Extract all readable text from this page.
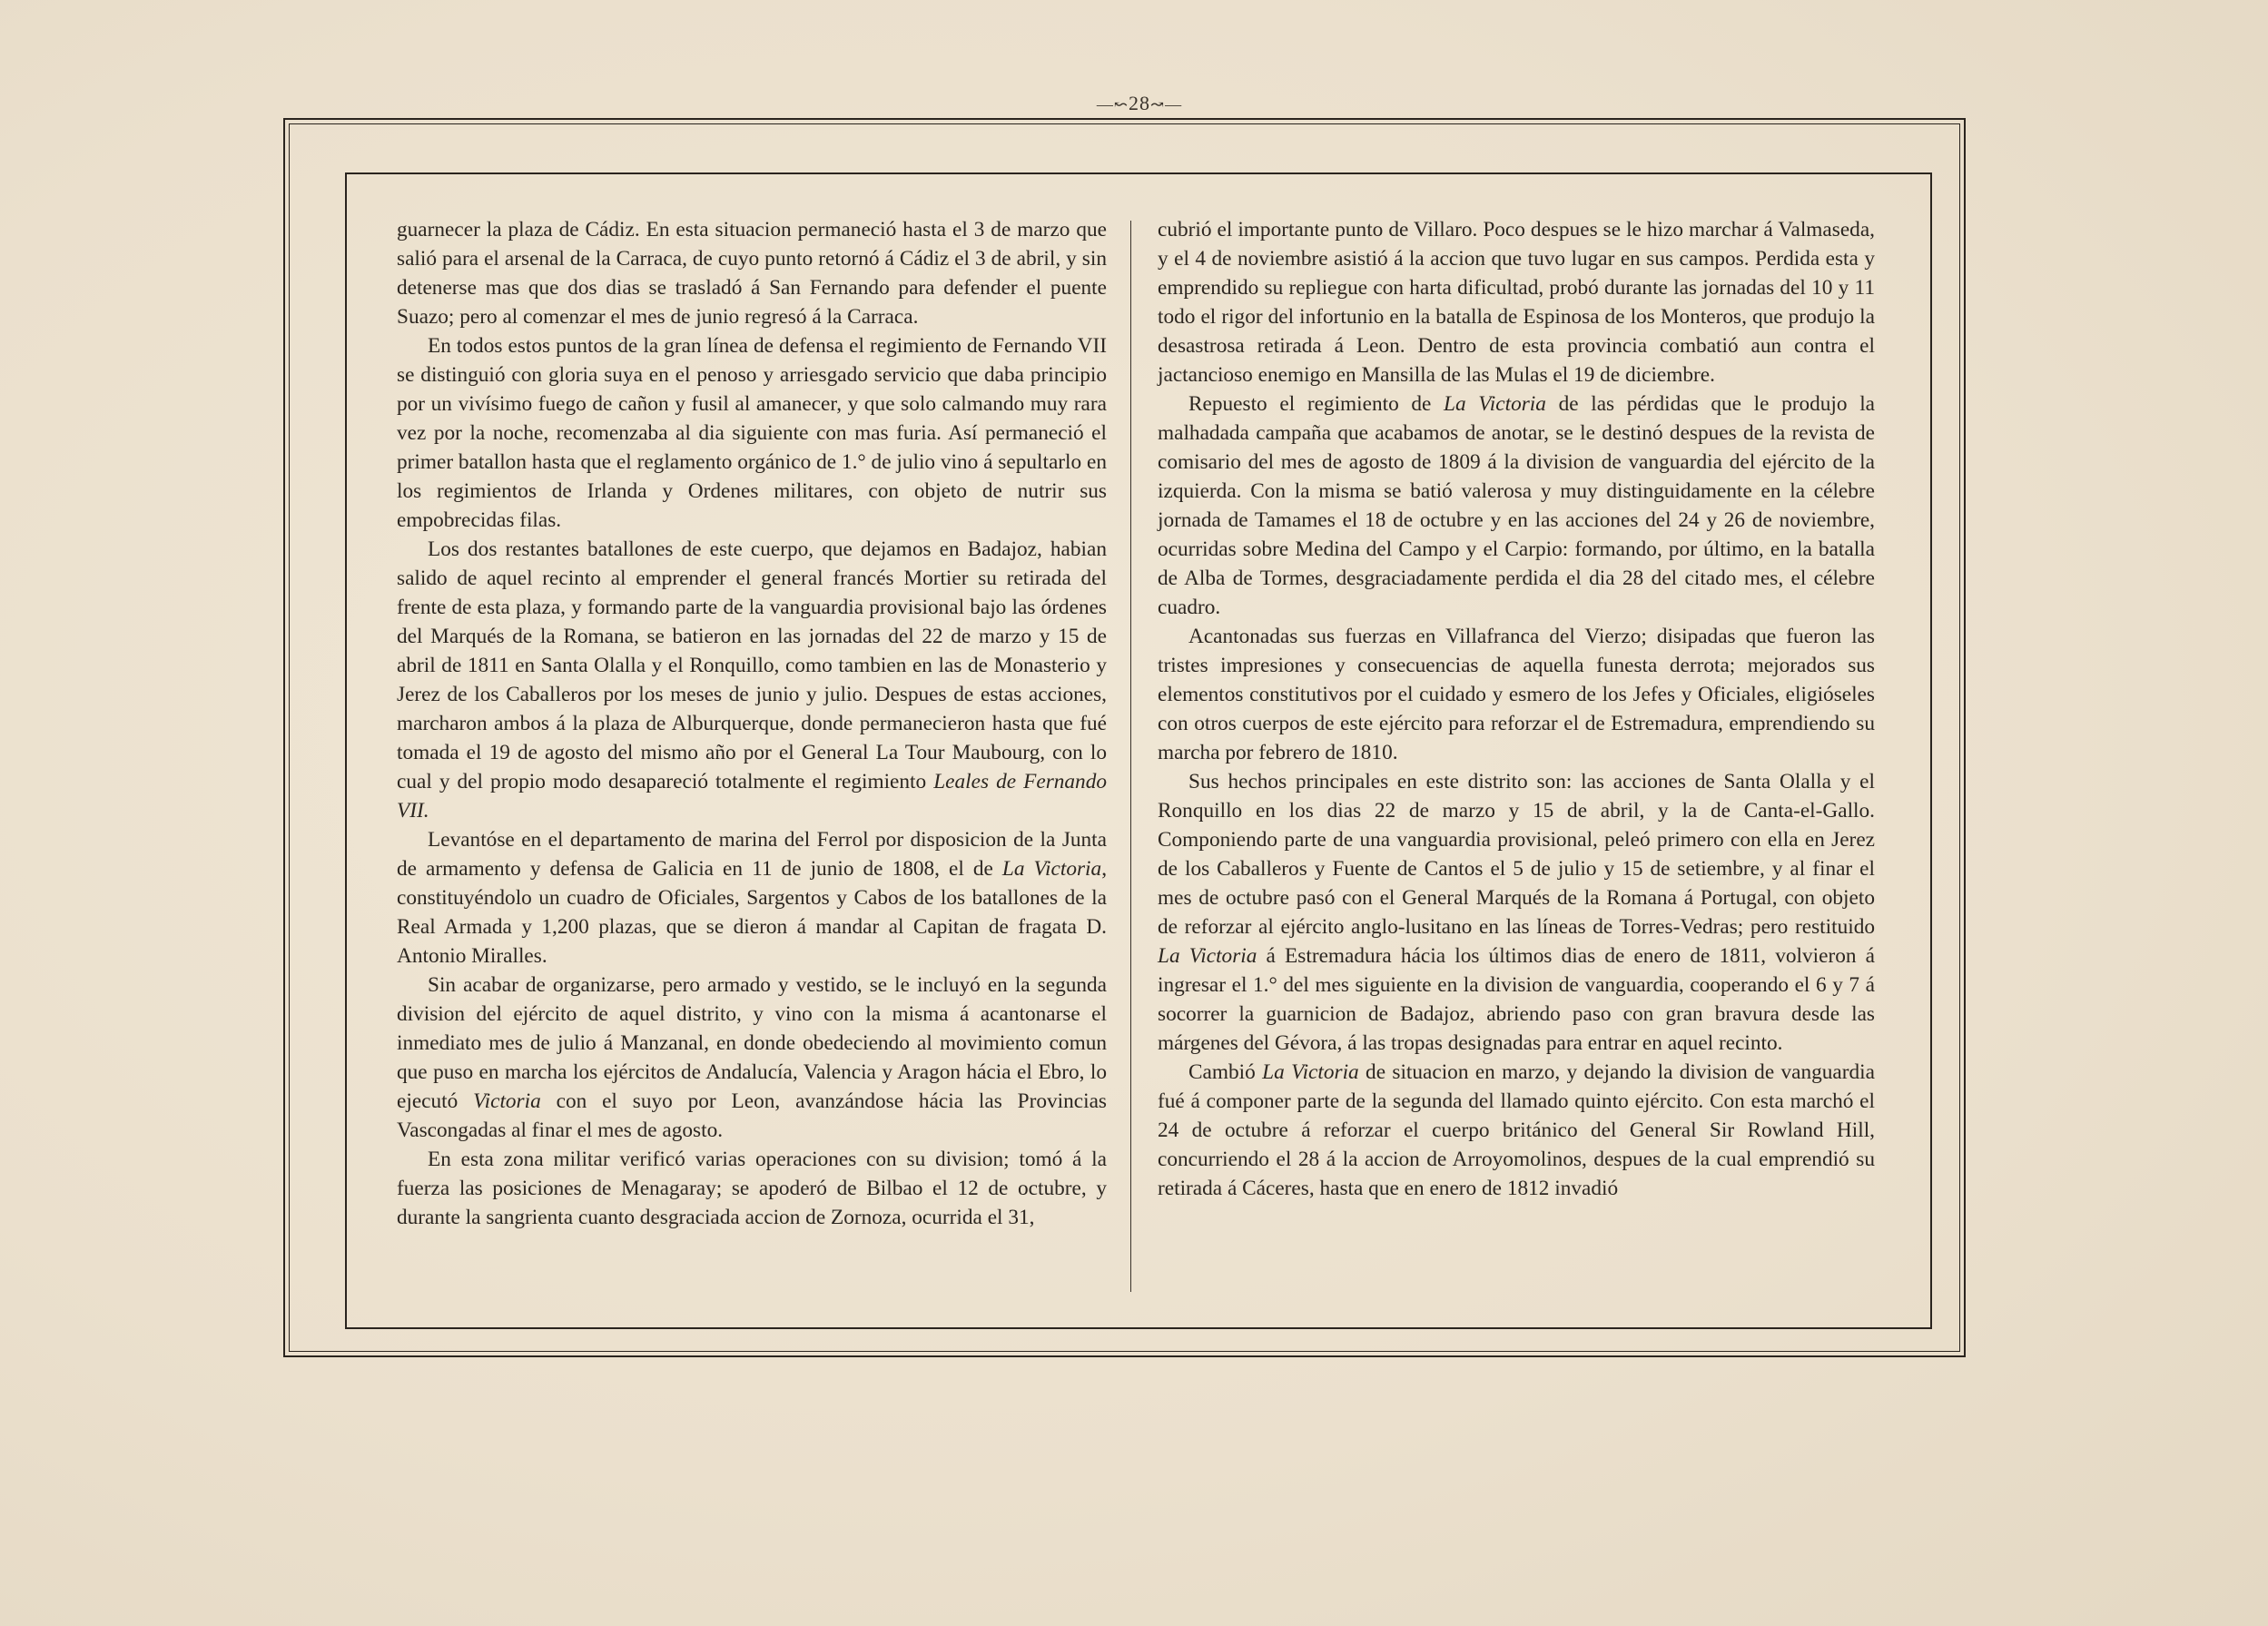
—↜28↝—

guarnecer la plaza de Cádiz. En esta situacion permaneció hasta el 3 de marzo que salió para el arsenal de la Carraca, de cuyo punto retornó á Cádiz el 3 de abril, y sin detenerse mas que dos dias se trasladó á San Fernando para defender el puente Suazo; pero al comenzar el mes de junio regresó á la Carraca.

En todos estos puntos de la gran línea de defensa el regimiento de Fernando VII se distinguió con gloria suya en el penoso y arriesgado servicio que daba principio por un vivísimo fuego de cañon y fusil al amanecer, y que solo calmando muy rara vez por la noche, recomenzaba al dia siguiente con mas furia. Así permaneció el primer batallon hasta que el reglamento orgánico de 1.° de julio vino á sepultarlo en los regimientos de Irlanda y Ordenes militares, con objeto de nutrir sus empobrecidas filas.

Los dos restantes batallones de este cuerpo, que dejamos en Badajoz, habian salido de aquel recinto al emprender el general francés Mortier su retirada del frente de esta plaza, y formando parte de la vanguardia provisional bajo las órdenes del Marqués de la Romana, se batieron en las jornadas del 22 de marzo y 15 de abril de 1811 en Santa Olalla y el Ronquillo, como tambien en las de Monasterio y Jerez de los Caballeros por los meses de junio y julio. Despues de estas acciones, marcharon ambos á la plaza de Alburquerque, donde permanecieron hasta que fué tomada el 19 de agosto del mismo año por el General La Tour Maubourg, con lo cual y del propio modo desapareció totalmente el regimiento Leales de Fernando VII.

Levantóse en el departamento de marina del Ferrol por disposicion de la Junta de armamento y defensa de Galicia en 11 de junio de 1808, el de La Victoria, constituyéndolo un cuadro de Oficiales, Sargentos y Cabos de los batallones de la Real Armada y 1,200 plazas, que se dieron á mandar al Capitan de fragata D. Antonio Miralles.

Sin acabar de organizarse, pero armado y vestido, se le incluyó en la segunda division del ejército de aquel distrito, y vino con la misma á acantonarse el inmediato mes de julio á Manzanal, en donde obedeciendo al movimiento comun que puso en marcha los ejércitos de Andalucía, Valencia y Aragon hácia el Ebro, lo ejecutó Victoria con el suyo por Leon, avanzándose hácia las Provincias Vascongadas al finar el mes de agosto.

En esta zona militar verificó varias operaciones con su division; tomó á la fuerza las posiciones de Menagaray; se apoderó de Bilbao el 12 de octubre, y durante la sangrienta cuanto desgraciada accion de Zornoza, ocurrida el 31,

cubrió el importante punto de Villaro. Poco despues se le hizo marchar á Valmaseda, y el 4 de noviembre asistió á la accion que tuvo lugar en sus campos. Perdida esta y emprendido su repliegue con harta dificultad, probó durante las jornadas del 10 y 11 todo el rigor del infortunio en la batalla de Espinosa de los Monteros, que produjo la desastrosa retirada á Leon. Dentro de esta provincia combatió aun contra el jactancioso enemigo en Mansilla de las Mulas el 19 de diciembre.

Repuesto el regimiento de La Victoria de las pérdidas que le produjo la malhadada campaña que acabamos de anotar, se le destinó despues de la revista de comisario del mes de agosto de 1809 á la division de vanguardia del ejército de la izquierda. Con la misma se batió valerosa y muy distinguidamente en la célebre jornada de Tamames el 18 de octubre y en las acciones del 24 y 26 de noviembre, ocurridas sobre Medina del Campo y el Carpio: formando, por último, en la batalla de Alba de Tormes, desgraciadamente perdida el dia 28 del citado mes, el célebre cuadro.

Acantonadas sus fuerzas en Villafranca del Vierzo; disipadas que fueron las tristes impresiones y consecuencias de aquella funesta derrota; mejorados sus elementos constitutivos por el cuidado y esmero de los Jefes y Oficiales, eligióseles con otros cuerpos de este ejército para reforzar el de Estremadura, emprendiendo su marcha por febrero de 1810.

Sus hechos principales en este distrito son: las acciones de Santa Olalla y el Ronquillo en los dias 22 de marzo y 15 de abril, y la de Canta-el-Gallo. Componiendo parte de una vanguardia provisional, peleó primero con ella en Jerez de los Caballeros y Fuente de Cantos el 5 de julio y 15 de setiembre, y al finar el mes de octubre pasó con el General Marqués de la Romana á Portugal, con objeto de reforzar al ejército anglo-lusitano en las líneas de Torres-Vedras; pero restituido La Victoria á Estremadura hácia los últimos dias de enero de 1811, volvieron á ingresar el 1.° del mes siguiente en la division de vanguardia, cooperando el 6 y 7 á socorrer la guarnicion de Badajoz, abriendo paso con gran bravura desde las márgenes del Gévora, á las tropas designadas para entrar en aquel recinto.

Cambió La Victoria de situacion en marzo, y dejando la division de vanguardia fué á componer parte de la segunda del llamado quinto ejército. Con esta marchó el 24 de octubre á reforzar el cuerpo británico del General Sir Rowland Hill, concurriendo el 28 á la accion de Arroyomolinos, despues de la cual emprendió su retirada á Cáceres, hasta que en enero de 1812 invadió
